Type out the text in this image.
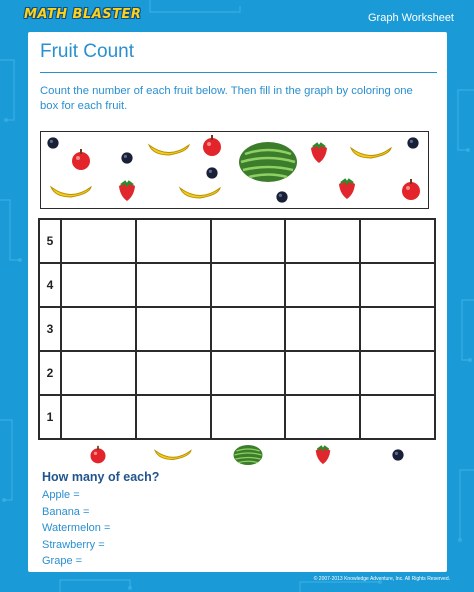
MATH BLASTER	Graph Worksheet
Fruit Count
Count the number of each fruit below. Then fill in the graph by coloring one box for each fruit.
5
4
3
2
1
How many of each?
Apple =
Banana =
Watermelon =
Strawberry =
Grape =
© 2007-2013 Knowledge Adventure, Inc. All Rights Reserved.
